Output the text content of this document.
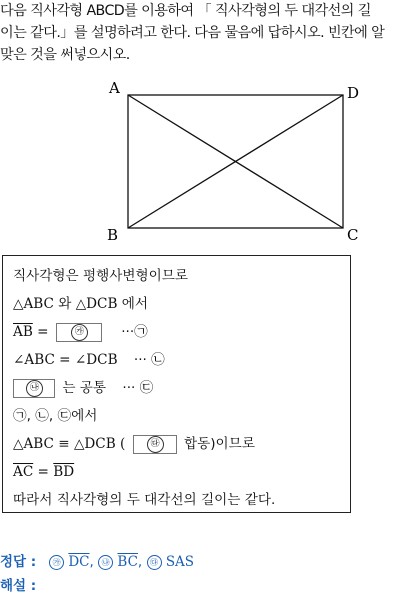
다음 직사각형 ABCD를 이용하여 「 직사각형의 두 대각선의 길

이는 같다.」를 설명하려고 한다. 다음 물음에 답하시오. 빈칸에 알

맞은 것을 써넣으시오.

A
B	C
D
직사각형은 평행사변형이므로
△ABC 와 △DCB 에서
$\overline{AB}$ =	㉮	···㉠
∠ABC = ∠DCB ··· ㉡
㉯ 는 공통 ··· ㉢
㉠, ㉡, ㉢에서
△ABC ≡ △DCB (	㉰ 합동)이므로
$\overline{AC} = \overline{BD}$
따라서 직사각형의 두 대각선의 길이는 같다.
정답 : ㉮ $\overline{DC}$, ㉯ $\overline{BC}$, ㉰ SAS
해설 :
